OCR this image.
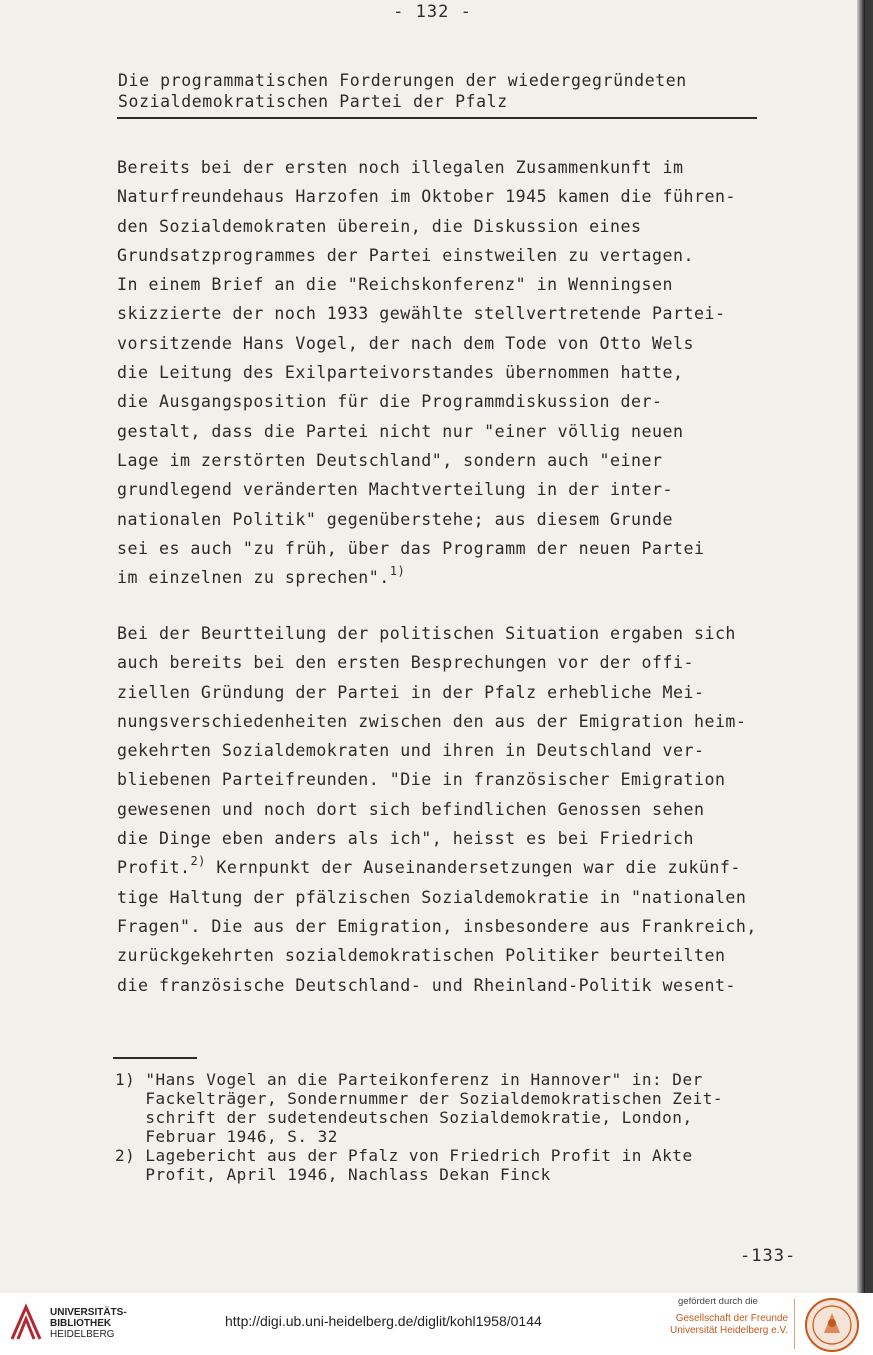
- 132 -
Die programmatischen Forderungen der wiedergegründeten
Sozialdemokratischen Partei der Pfalz
Bereits bei der ersten noch illegalen Zusammenkunft im
Naturfreundehaus Harzofen im Oktober 1945 kamen die führen-
den Sozialdemokraten überein, die Diskussion eines
Grundsatzprogrammes der Partei einstweilen zu vertagen.
In einem Brief an die "Reichskonferenz" in Wenningsen
skizzierte der noch 1933 gewählte stellvertretende Partei-
vorsitzende Hans Vogel, der nach dem Tode von Otto Wels
die Leitung des Exilparteivorstandes übernommen hatte,
die Ausgangsposition für die Programmdiskussion der-
gestalt, dass die Partei nicht nur "einer völlig neuen
Lage im zerstörten Deutschland", sondern auch "einer
grundlegend veränderten Machtverteilung in der inter-
nationalen Politik" gegenüberstehe; aus diesem Grunde
sei es auch "zu früh, über das Programm der neuen Partei
im einzelnen zu sprechen".$^{1)}$
Bei der Beurtteilung der politischen Situation ergaben sich
auch bereits bei den ersten Besprechungen vor der offi-
ziellen Gründung der Partei in der Pfalz erhebliche Mei-
nungsverschiedenheiten zwischen den aus der Emigration heim-
gekehrten Sozialdemokraten und ihren in Deutschland ver-
bliebenen Parteifreunden. "Die in französischer Emigration
gewesenen und noch dort sich befindlichen Genossen sehen
die Dinge eben anders als ich", heisst es bei Friedrich
Profit.$^{2)}$ Kernpunkt der Auseinandersetzungen war die zukünf-
tige Haltung der pfälzischen Sozialdemokratie in "nationalen
Fragen". Die aus der Emigration, insbesondere aus Frankreich,
zurückgekehrten sozialdemokratischen Politiker beurteilten
die französische Deutschland- und Rheinland-Politik wesent-
1) "Hans Vogel an die Parteikonferenz in Hannover" in: Der
Fackelträger, Sondernummer der Sozialdemokratischen Zeit-
schrift der sudetendeutschen Sozialdemokratie, London,
Februar 1946, S. 32
2) Lagebericht aus der Pfalz von Friedrich Profit in Akte
Profit, April 1946, Nachlass Dekan Finck
-133-
UNIVERSITÄTS-
BIBLIOTHEK
HEIDELBERG
http://digi.ub.uni-heidelberg.de/diglit/kohl1958/0144
gefördert durch die
Gesellschaft der Freunde
Universität Heidelberg e.V.
